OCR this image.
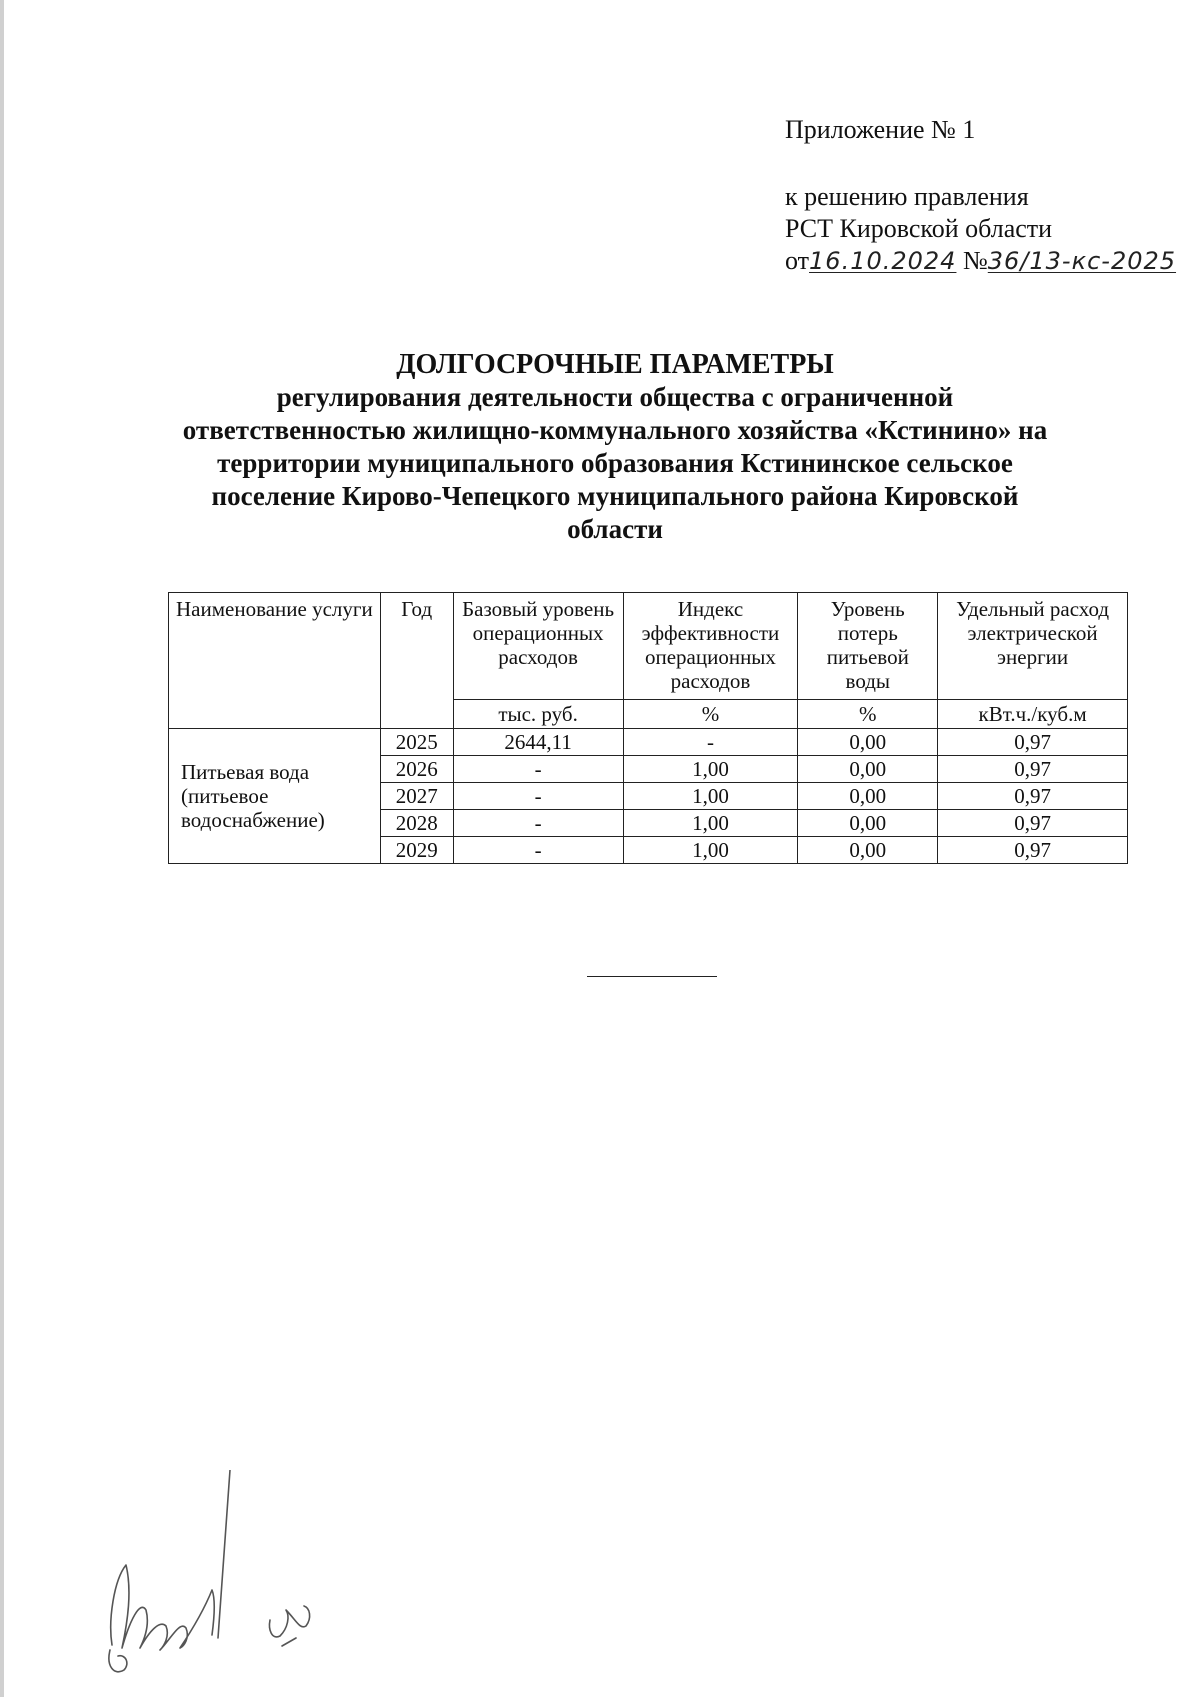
Приложение № 1
к решению правления
РСТ Кировской области
от16.10.2024 №36/13-кс-2025
ДОЛГОСРОЧНЫЕ ПАРАМЕТРЫ
регулирования деятельности общества с ограниченной
ответственностью жилищно-коммунального хозяйства «Кстинино» на
территории муниципального образования Кстининское сельское
поселение Кирово-Чепецкого муниципального района Кировской
области
Наименование услуги	Год	Базовый уровень операционных расходов	Индекс эффективности операционных расходов	Уровень потерь питьевой воды	Удельный расход электрической энергии
		тыс. руб.	%	%	кВт.ч./куб.м
Питьевая вода (питьевое водоснабжение)	2025	2644,11	-	0,00	0,97
	2026	-	1,00	0,00	0,97
	2027	-	1,00	0,00	0,97
	2028	-	1,00	0,00	0,97
	2029	-	1,00	0,00	0,97
